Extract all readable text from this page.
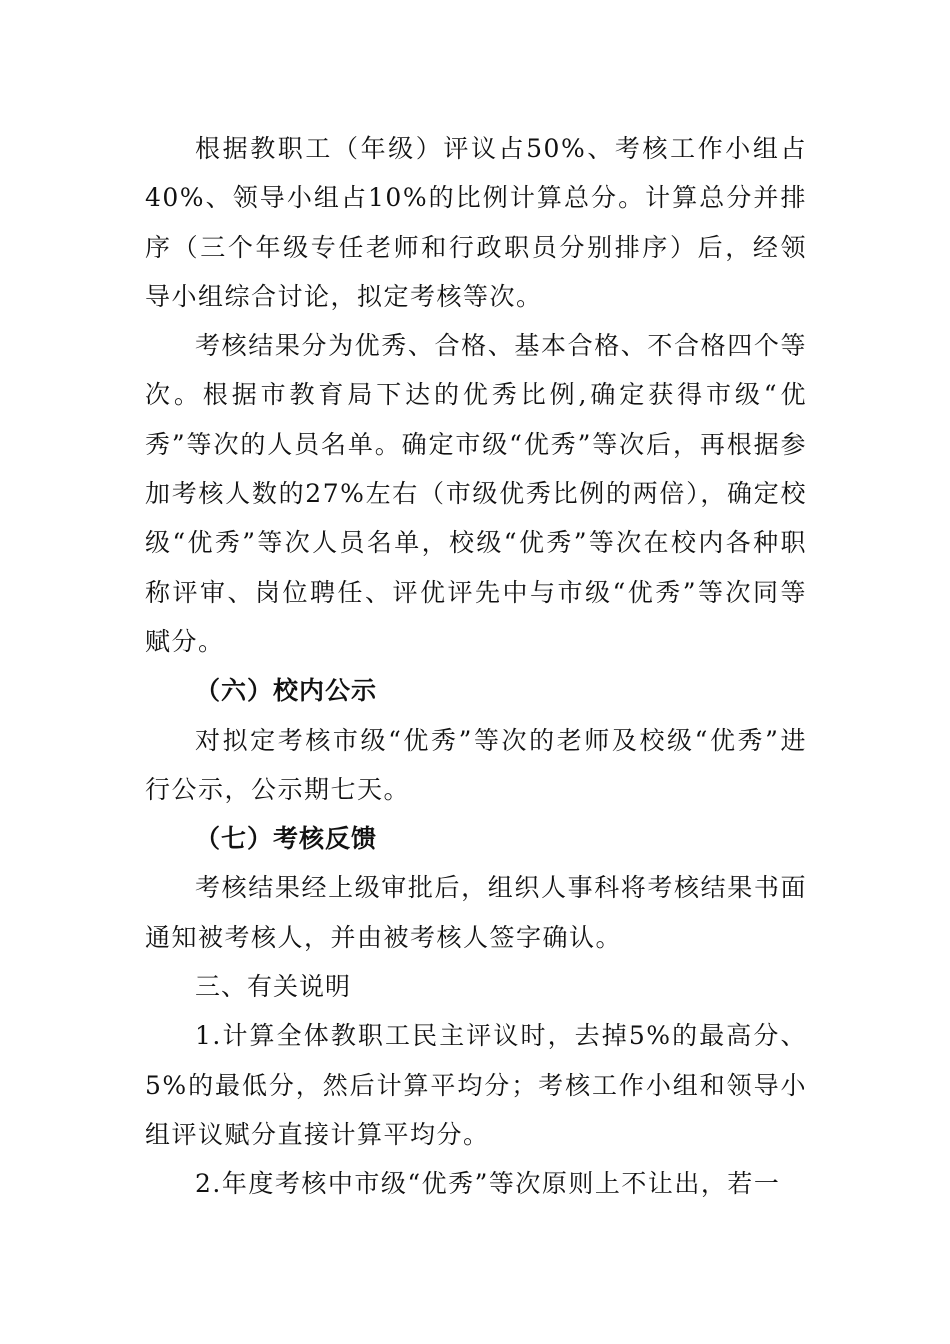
根据教职工（年级）评议占50%、考核工作小组占40%、领导小组占10%的比例计算总分。计算总分并排序（三个年级专任老师和行政职员分别排序）后，经领导小组综合讨论，拟定考核等次。

考核结果分为优秀、合格、基本合格、不合格四个等次。根据市教育局下达的优秀比例,确定获得市级“优秀”等次的人员名单。确定市级“优秀”等次后，再根据参加考核人数的27%左右（市级优秀比例的两倍），确定校级“优秀”等次人员名单，校级“优秀”等次在校内各种职称评审、岗位聘任、评优评先中与市级“优秀”等次同等赋分。

（六）校内公示

对拟定考核市级“优秀”等次的老师及校级“优秀”进行公示，公示期七天。

（七）考核反馈

考核结果经上级审批后，组织人事科将考核结果书面通知被考核人，并由被考核人签字确认。

三、有关说明

1.计算全体教职工民主评议时，去掉5%的最高分、5%的最低分，然后计算平均分；考核工作小组和领导小组评议赋分直接计算平均分。

2.年度考核中市级“优秀”等次原则上不让出，若一
